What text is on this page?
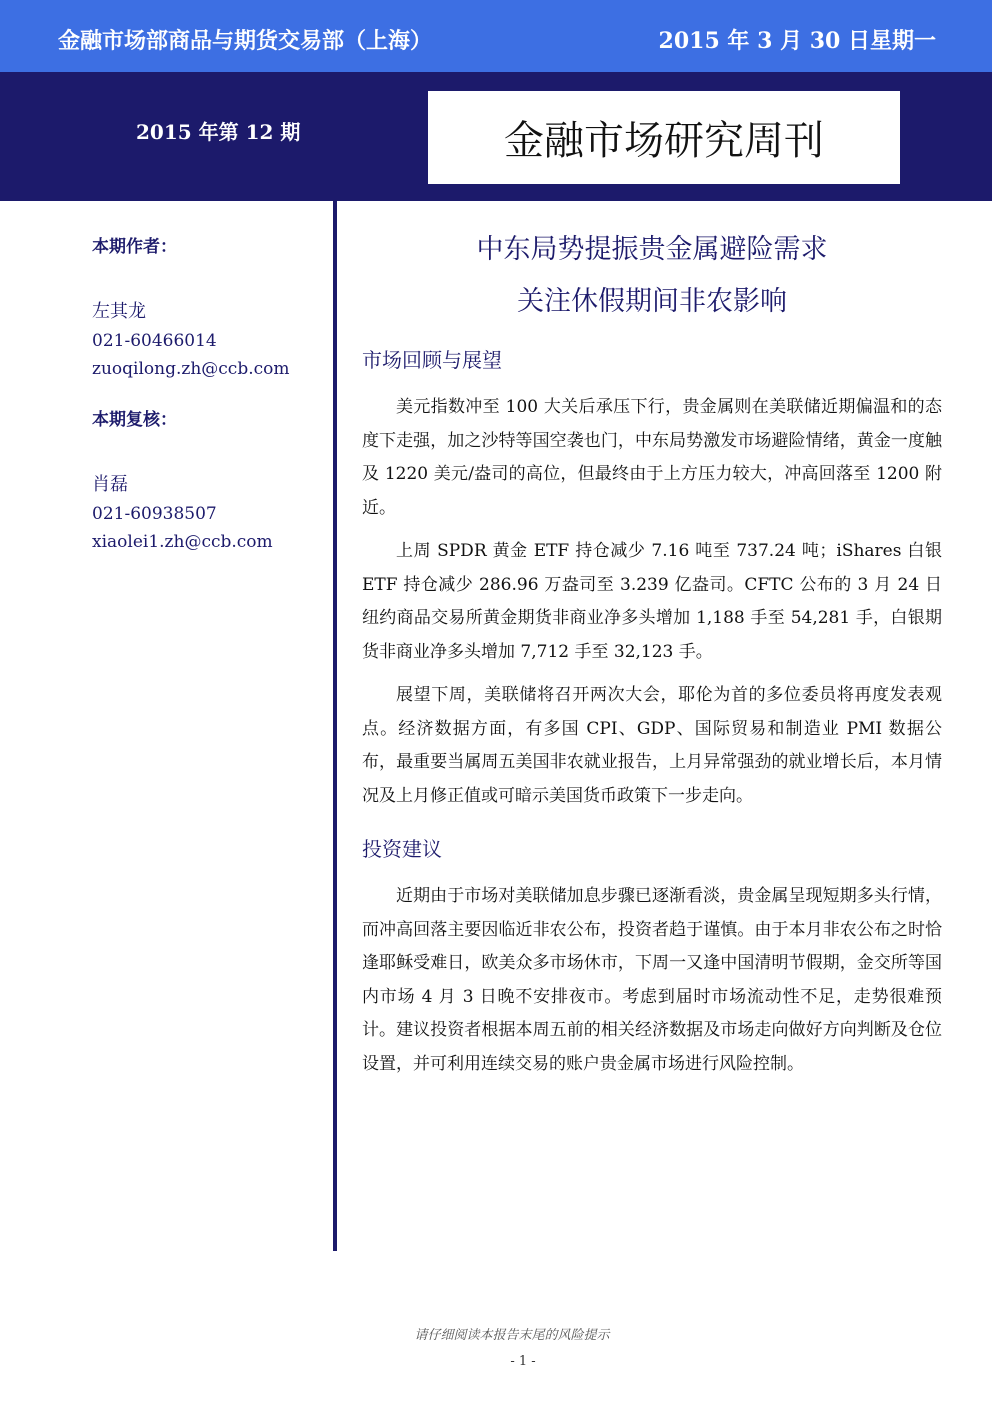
金融市场部商品与期货交易部（上海）	2015 年 3 月 30 日星期一
2015 年第 12 期	金融市场研究周刊

本期作者：

左其龙

021-60466014

zuoqilong.zh@ccb.com

本期复核：

肖磊

021-60938507

xiaolei1.zh@ccb.com

中东局势提振贵金属避险需求

关注休假期间非农影响

市场回顾与展望

美元指数冲至 100 大关后承压下行，贵金属则在美联储近期偏温和的态度下走强，加之沙特等国空袭也门，中东局势激发市场避险情绪，黄金一度触及 1220 美元/盎司的高位，但最终由于上方压力较大，冲高回落至 1200 附近。

上周 SPDR 黄金 ETF 持仓减少 7.16 吨至 737.24 吨；iShares 白银 ETF 持仓减少 286.96 万盎司至 3.239 亿盎司。CFTC 公布的 3 月 24 日纽约商品交易所黄金期货非商业净多头增加 1,188 手至 54,281 手，白银期货非商业净多头增加 7,712 手至 32,123 手。

展望下周，美联储将召开两次大会，耶伦为首的多位委员将再度发表观点。经济数据方面，有多国 CPI、GDP、国际贸易和制造业 PMI 数据公布，最重要当属周五美国非农就业报告，上月异常强劲的就业增长后，本月情况及上月修正值或可暗示美国货币政策下一步走向。

投资建议

近期由于市场对美联储加息步骤已逐渐看淡，贵金属呈现短期多头行情，而冲高回落主要因临近非农公布，投资者趋于谨慎。由于本月非农公布之时恰逢耶稣受难日，欧美众多市场休市，下周一又逢中国清明节假期，金交所等国内市场 4 月 3 日晚不安排夜市。考虑到届时市场流动性不足，走势很难预计。建议投资者根据本周五前的相关经济数据及市场走向做好方向判断及仓位设置，并可利用连续交易的账户贵金属市场进行风险控制。

请仔细阅读本报告末尾的风险提示
- 1 -
